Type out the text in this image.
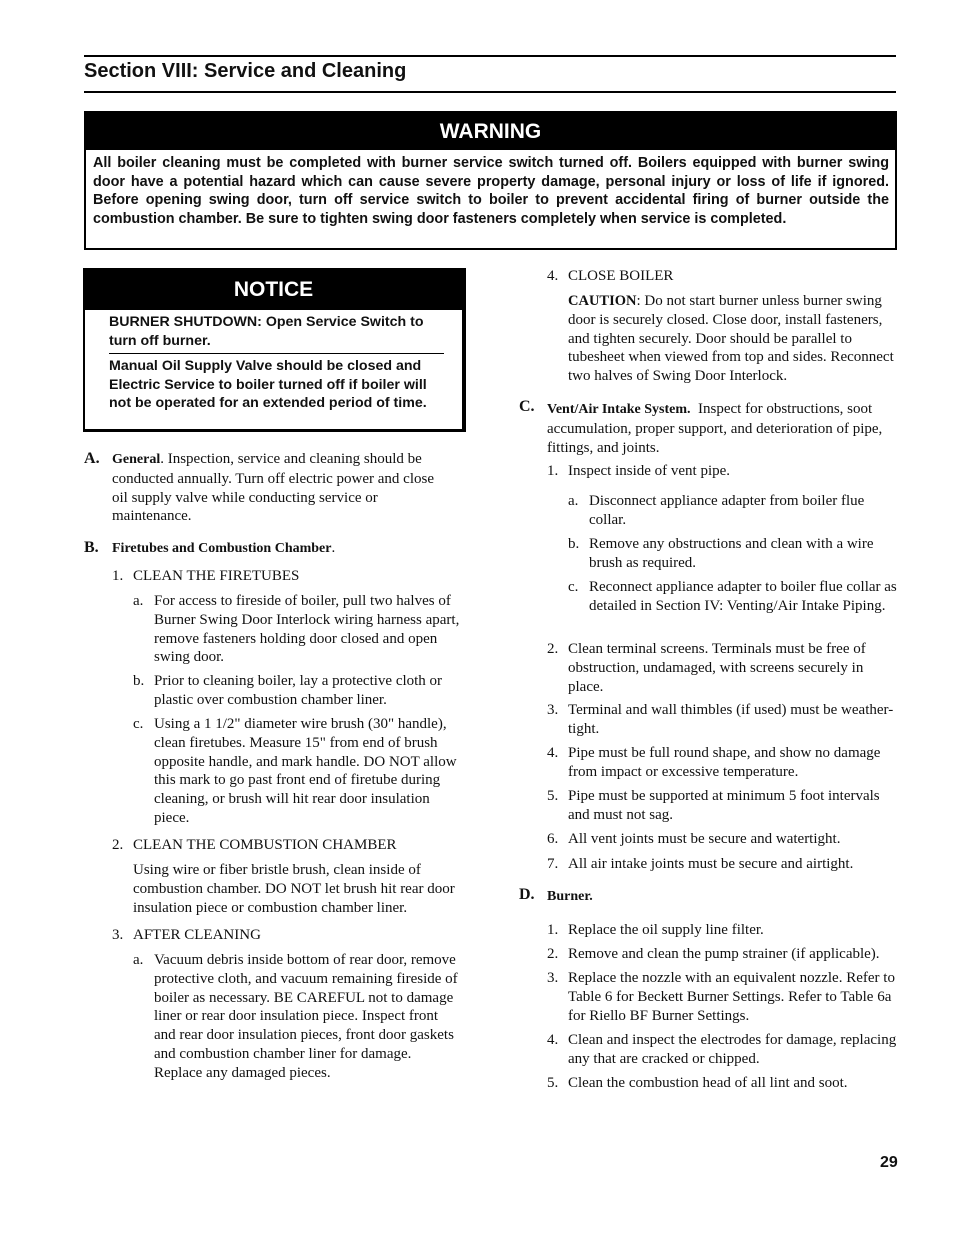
Section VIII: Service and Cleaning
WARNING
All boiler cleaning must be completed with burner service switch turned off. Boilers equipped with burner swing door have a potential hazard which can cause severe property damage, personal injury or loss of life if ignored. Before opening swing door, turn off service switch to boiler to prevent accidental firing of burner outside the combustion chamber. Be sure to tighten swing door fasteners completely when service is completed.
NOTICE
BURNER SHUTDOWN: Open Service Switch to turn off burner.
Manual Oil Supply Valve should be closed and Electric Service to boiler turned off if boiler will not be operated for an extended period of time.
A. General. Inspection, service and cleaning should be conducted annually. Turn off electric power and close oil supply valve while conducting service or maintenance.
B. Firetubes and Combustion Chamber.
1. CLEAN THE FIRETUBES
a. For access to fireside of boiler, pull two halves of Burner Swing Door Interlock wiring harness apart, remove fasteners holding door closed and open swing door.
b. Prior to cleaning boiler, lay a protective cloth or plastic over combustion chamber liner.
c. Using a 1 1/2" diameter wire brush (30" handle), clean firetubes. Measure 15" from end of brush opposite handle, and mark handle. DO NOT allow this mark to go past front end of firetube during cleaning, or brush will hit rear door insulation piece.
2. CLEAN THE COMBUSTION CHAMBER
Using wire or fiber bristle brush, clean inside of combustion chamber. DO NOT let brush hit rear door insulation piece or combustion chamber liner.
3. AFTER CLEANING
a. Vacuum debris inside bottom of rear door, remove protective cloth, and vacuum remaining fireside of boiler as necessary. BE CAREFUL not to damage liner or rear door insulation piece. Inspect front and rear door insulation pieces, front door gaskets and combustion chamber liner for damage. Replace any damaged pieces.
4. CLOSE BOILER
CAUTION: Do not start burner unless burner swing door is securely closed. Close door, install fasteners, and tighten securely. Door should be parallel to tubesheet when viewed from top and sides. Reconnect two halves of Swing Door Interlock.
C. Vent/Air Intake System. Inspect for obstructions, soot accumulation, proper support, and deterioration of pipe, fittings, and joints.
1. Inspect inside of vent pipe.
a. Disconnect appliance adapter from boiler flue collar.
b. Remove any obstructions and clean with a wire brush as required.
c. Reconnect appliance adapter to boiler flue collar as detailed in Section IV: Venting/Air Intake Piping.
2. Clean terminal screens. Terminals must be free of obstruction, undamaged, with screens securely in place.
3. Terminal and wall thimbles (if used) must be weather-tight.
4. Pipe must be full round shape, and show no damage from impact or excessive temperature.
5. Pipe must be supported at minimum 5 foot intervals and must not sag.
6. All vent joints must be secure and watertight.
7. All air intake joints must be secure and airtight.
D. Burner.
1. Replace the oil supply line filter.
2. Remove and clean the pump strainer (if applicable).
3. Replace the nozzle with an equivalent nozzle. Refer to Table 6 for Beckett Burner Settings. Refer to Table 6a for Riello BF Burner Settings.
4. Clean and inspect the electrodes for damage, replacing any that are cracked or chipped.
5. Clean the combustion head of all lint and soot.
29
